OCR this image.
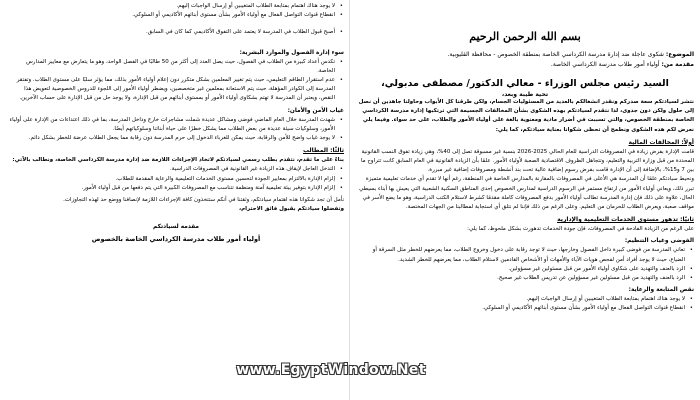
بسم الله الرحمن الرحيم
الموضوع: شكوى عاجلة ضد إدارة مدرسة الكرداسي الخاصة بمنطقة الخصوص - محافظة القليوبية.
مقدمة من: أولياء أمور طلاب مدرسة الكرداسي الخاصة.
السيد رئيس مجلس الوزراء - معالي الدكتور/ مصطفى مدبولي،
تحية طيبة وبعد،

نتشر لسيادتكم سعة صدركم ونقدر انشغالكم بالعديد من المسئوليات الجسام، ولكن طرقنا كل الأبواب وحاولنا جاهدين أن نصل إلى حلول ولكن دون جدوى، لذا نتقدم لسيادتكم بهذه الشكوى بشأن المخالفات الجسيمة التي ترتكبها إدارة مدرسة الكرداسي الخاصة بمنطقة الخصوص، والتي تسببت في أضرار مادية ومعنوية بالغة على أولياء الأمور والطلاب، على حد سواء. وفيما يلي نعرض لكم هذه الشكوى ونطمح أن تحظى شكوانا بعناية سيادتكم، كما يلي:

أولاً: المخالفات المالية

قامت الإدارة بفرض زيادة في المصروفات الدراسية للعام الحالي 2025-2026 بنسبة غير مسبوقة تصل إلى 40%، وهي زيادة تفوق النسب القانونية المحددة من قبل وزارة التربية والتعليم، وتتجاهل الظروف الاقتصادية الصعبة لأولياء الأمور. علمًا بأن الزيادة القانونية في العام السابق كانت تتراوح ما بين 7 و15%، بالإضافة إلى أن الإدارة قامت بفرض رسوم إضافية عالية تحت بند أنشطة ومصروفات إضافية غير مبررة.

ونحيط سيادتكم علمًا أن المدرسة هي الأعلى في المصروفات بالمقارنة بالمدارس الخاصة في المنطقة، رغم أنها لا تقدم أي خدمات تعليمية متميزة تبرر ذلك، ويعاني أولياء الأمور من ارتفاع مستمر في الرسوم الدراسية لمدارس الخصوص إحدى المناطق السكنية الشعبية التي يعيش بها أبناء بسيطي الحال، علاوة على ذلك فإن إدارة المدرسة تطالب أولياء الأمور بدفع المصروفات كاملة مقدمًا كشرط لاستلام الكتب الدراسية، وهو ما يضع الأسر في مواقف صعبة، ويعرض الطلاب للحرمان من التعليم. وعلى الرغم من ذلك فإننا لم نتلق أي استجابة لمطالبنا من الجهات المختصة.

ثانيًا: تدهور مستوى الخدمات التعليمية والإدارية

على الرغم من الزيادة الفادحة في المصروفات، فإن جودة الخدمات تدهورت بشكل ملحوظ، كما يلي:

الفوضى وغياب التنظيم:
• تعاني المدرسة من فوضى كبيرة داخل الفصول وخارجها، حيث لا توجد رقابة على دخول وخروج الطلاب، مما يعرضهم للخطر مثل السرقة أو الضياع، حيث لا يوجد أفراد أمن لفحص هويات الآباء والأمهات أو الأشخاص القادمين لاستلام الطلاب، مما يعرضهم للخطر الشديد.
• الرد بالعنف والتهديد على شكاوى أولياء الأمور من قبل مسئولين غير مسؤولين.
• الرد بالعنف والتهديد من قبل مسئولين غير مسؤولين عن تدريس الطلاب غير صحيح.
نقص المتابعة والرعاية:
• لا يوجد هناك اهتمام بمتابعة الطلاب المتغيبين أو إرسال الواجبات إليهم.
• انقطاع قنوات التواصل الفعال مع أولياء الأمور بشأن مستوى أبنائهم الأكاديمي أو السلوكي.
• لا يوجد هناك اهتمام بمتابعة الطلاب المتغيبين أو إرسال الواجبات إليهم.
• انقطاع قنوات التواصل الفعال مع أولياء الأمور بشأن مستوى أبنائهم الأكاديمي أو السلوكي.
• أصبح قبول الطلاب في المدرسة لا يعتمد على التفوق الأكاديمي كما كان في السابق.
سوء إدارة الفصول والموارد البشرية:
• تكدس أعداد كبيرة من الطلاب في الفصول، حيث يصل العدد إلى أكثر من 50 طالبًا في الفصل الواحد، وهو ما يتعارض مع معايير المدارس الخاصة.
• عدم استقرار الطاقم التعليمي، حيث يتم تغيير المعلمين بشكل متكرر دون إعلام أولياء الأمور بذلك، مما يؤثر سلبًا على مستوى الطلاب. وتفتقر المدرسة إلى الكوادر المؤهلة، حيث يتم الاستعانة بمعلمين غير متخصصين، ويضطر أولياء الأمور إلى اللجوء للدروس الخصوصية لتعويض هذا النقص، ويعتبر أن المدرسة لا تهتم بشكاوى أولياء الأمور أو بمستوى أبنائهم من قبل الإدارة، ولا يوجد حل من قبل الإدارة على حساب الآخرين.
غياب الأمن والأمان:
• شهدت المدرسة خلال العام الماضي فوضى ومشاكل عديدة شملت مشاجرات خارج وداخل المدرسة، بما في ذلك اعتداءات من الإدارة على أولياء الأمور، وسلوكيات سيئة عديدة من بعض الطلاب مما يشكل خطرًا على حياة أبنائنا وسلوكياتهم أيضًا.
• لا يوجد غياب واضح للأمن والرقابة، حيث يمكن للغرباء الدخول إلى حرم المدرسة دون رقابة مما يجعل الطلاب عرضة للخطر بشكل دائم.
ثالثًا: المطالب

بناءً على ما تقدم، نتقدم بطلب رسمي لسيادتكم لاتخاذ الإجراءات اللازمة ضد إدارة مدرسة الكرداسي الخاصة، ونطالب بالآتي:

• التدخل العاجل لإيقاف هذه الزيادة غير القانونية في المصروفات الدراسية.
• إلزام الإدارة بالالتزام بمعايير الجودة لتحسين مستوى الخدمات التعليمية والرعاية المقدمة للطلاب.
• إلزام الإدارة بتوفير بيئة تعليمية آمنة ومنظمة تتناسب مع المصروفات الكبيرة التي يتم دفعها من قبل أولياء الأمور.

نأمل أن تجد شكوانا هذه اهتمام سيادتكم، وثقتنا في أنكم ستتخذون كافة الإجراءات اللازمة لإنصافنا ووضع حد لهذه التجاوزات.

وتفضلوا سيادتكم بقبول فائق الاحترام،

مقدمه لسيادتكم
أولياء أمور طلاب مدرسة الكرداسي الخاصة بالخصوص
www.EgyptWindow.Net
